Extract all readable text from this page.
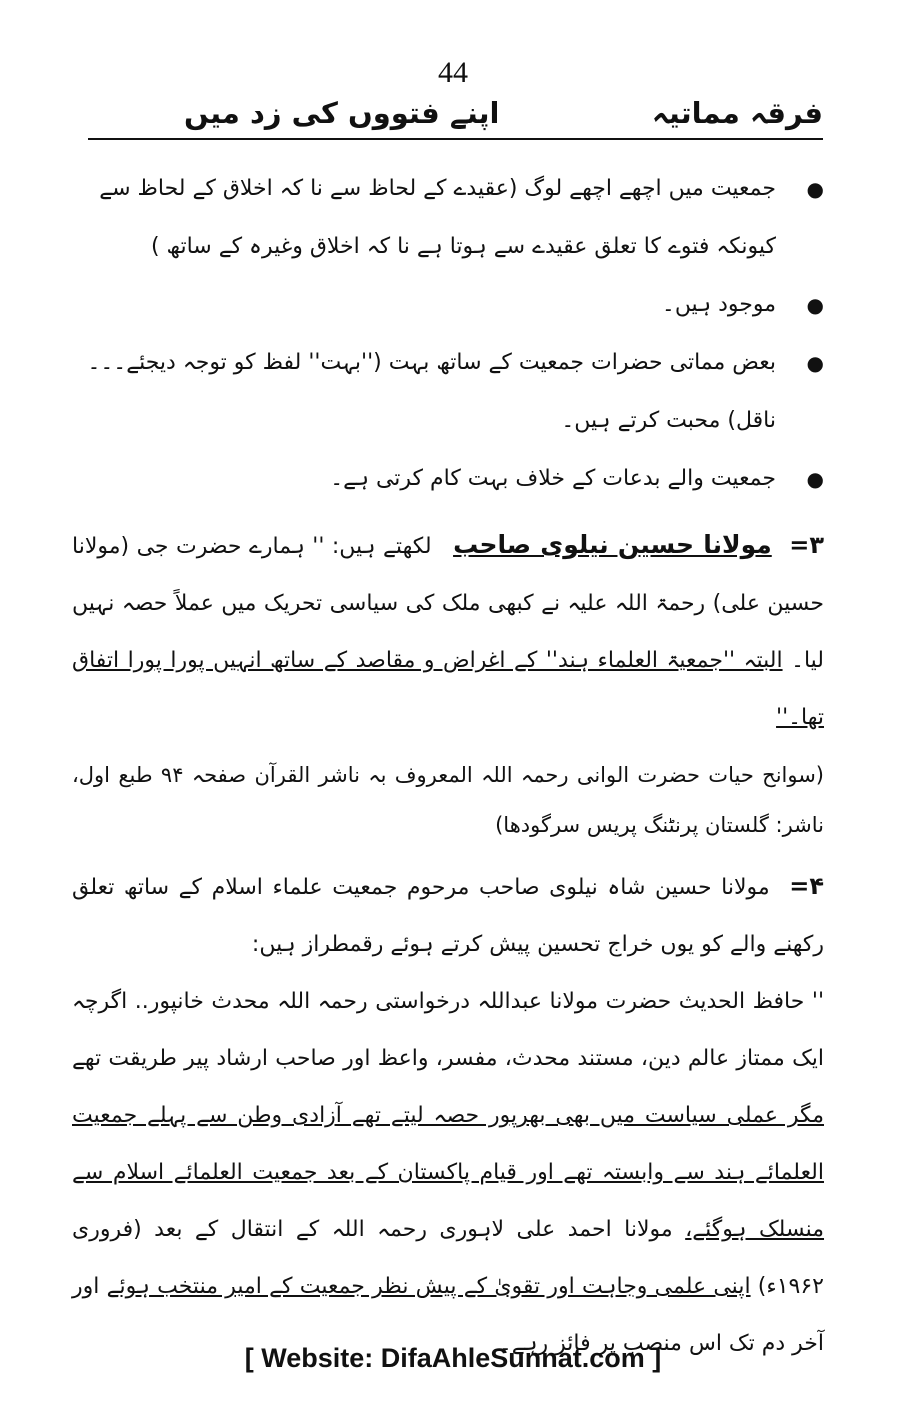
44
فرقہ مماتیہ
اپنے فتووں کی زد میں
● جمعیت میں اچھے اچھے لوگ (عقیدے کے لحاظ سے نا کہ اخلاق کے لحاظ سے کیونکہ فتوے کا تعلق عقیدے سے ہوتا ہے نا کہ اخلاق وغیرہ کے ساتھ )
● موجود ہیں۔
● بعض مماتی حضرات جمعیت کے ساتھ بہت (''بہت'' لفظ کو توجہ دیجئے۔۔۔ ناقل) محبت کرتے ہیں۔
● جمعیت والے بدعات کے خلاف بہت کام کرتی ہے۔

۳= مولانا حسین نیلوی صاحب لکھتے ہیں: '' ہمارے حضرت جی (مولانا حسین علی) رحمۃ اللہ علیہ نے کبھی ملک کی سیاسی تحریک میں عملاً حصہ نہیں لیا۔ البتہ ''جمعیۃ العلماء ہند'' کے اغراض و مقاصد کے ساتھ انہیں پورا پورا اتفاق تھا۔''

(سوانح حیات حضرت الوانی رحمہ اللہ المعروف بہ ناشر القرآن صفحہ ۹۴ طبع اول، ناشر: گلستان پرنٹنگ پریس سرگودھا)

۴= مولانا حسین شاہ نیلوی صاحب مرحوم جمعیت علماء اسلام کے ساتھ تعلق رکھنے والے کو یوں خراج تحسین پیش کرتے ہوئے رقمطراز ہیں:

'' حافظ الحدیث حضرت مولانا عبداللہ درخواستی رحمہ اللہ محدث خانپور.. اگرچہ ایک ممتاز عالم دین، مستند محدث، مفسر، واعظ اور صاحب ارشاد پیر طریقت تھے مگر عملی سیاست میں بھی بھرپور حصہ لیتے تھے آزادی وطن سے پہلے جمعیت العلمائے ہند سے وابستہ تھے اور قیام پاکستان کے بعد جمعیت العلمائے اسلام سے منسلک ہوگئے، مولانا احمد علی لاہوری رحمہ اللہ کے انتقال کے بعد (فروری ۱۹۶۲ء) اپنی علمی وجاہت اور تقویٰ کے پیش نظر جمعیت کے امیر منتخب ہوئے اور آخر دم تک اس منصب پر فائز رہے۔

[ Website: DifaAhleSunnat.com ]
